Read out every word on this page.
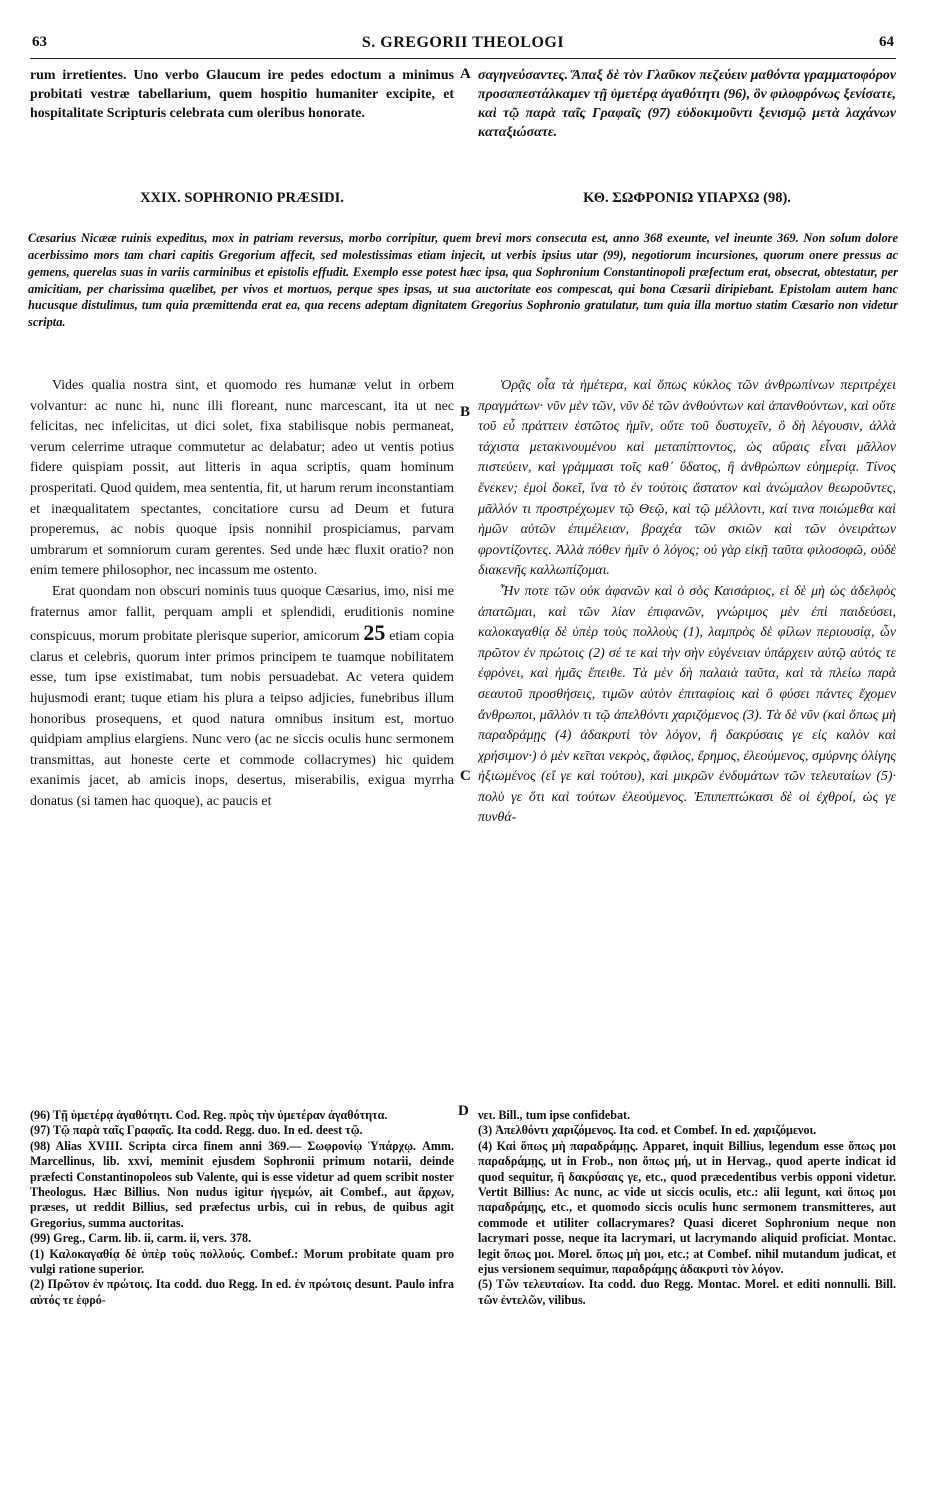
63	S. GREGORII THEOLOGI	64

rum irretientes. Uno verbo Glaucum ire pedes edoctum a minimus probitati vestræ tabellarium, quem hospitio humaniter excipite, et hospitalitate Scripturis celebrata cum oleribus honorate.

A σαγηνεύσαντες. Ἅπαξ δὲ τὸν Γλαῦκον πεζεύειν μαθόντα γραμματοφόρον προσαπεστάλκαμεν τῇ ὑμετέρᾳ ἀγαθότητι (96), ὃν φιλοφρόνως ξενίσατε, καὶ τῷ παρὰ ταῖς Γραφαῖς (97) εὐδοκιμοῦντι ξενισμῷ μετὰ λαχάνων καταξιώσατε.

XXIX. SOPHRONIO PRÆSIDI.	ΚΘ. ΣΩΦΡΟΝΙΩ ΥΠΑΡΧΩ (98).

Cæsarius Nicææ ruinis expeditus, mox in patriam reversus, morbo corripitur, quem brevi mors consecuta est, anno 368 exeunte, vel ineunte 369. Non solum dolore acerbissimo mors tam chari capitis Gregorium affecit, sed molestissimas etiam injecit, ut verbis ipsius utar (99), negotiorum incursiones, quorum onere pressus ac gemens, querelas suas in variis carminibus et epistolis effudit. Exemplo esse potest hæc ipsa, qua Sophronium Constantinopoli præfectum erat, obsecrat, obtestatur, per amicitiam, per charissima quælibet, per vivos et mortuos, perque spes ipsas, ut sua auctoritate eos compescat, qui bona Cæsarii diripiebant. Epistolam autem hanc hucusque distulimus, tum quia præmittenda erat ea, qua recens adeptam dignitatem Gregorius Sophronio gratulatur, tum quia illa mortuo statim Cæsario non videtur scripta.

Vides qualia nostra sint, et quomodo res humanæ velut in orbem volvantur: ac nunc hi, nunc illi floreant, nunc marcescant, ita ut nec felicitas, nec infelicitas, ut dici solet, fixa stabilisque nobis permaneat, verum celerrime utraque commutetur ac delabatur; adeo ut ventis potius fidere quispiam possit, aut litteris in aqua scriptis, quam hominum prosperitati. Quod quidem, mea sententia, fit, ut harum rerum inconstantiam et inæqualitatem spectantes, concitatiore cursu ad Deum et futura properemus, ac nobis quoque ipsis nonnihil prospiciamus, parvam umbrarum et somniorum curam gerentes. Sed unde hæc fluxit oratio? non enim temere philosophor, nec incassum me ostento.

Erat quondam non obscuri nominis tuus quoque Cæsarius, imo, nisi me fraternus amor fallit, perquam ampli et splendidi, eruditionis nomine conspicuus, morum probitate plerisque superior, amicorum 25 etiam copia clarus et celebris, quorum inter primos principem te tuamque nobilitatem esse, tum ipse existimabat, tum nobis persuadebat. Ac vetera quidem hujusmodi erant; tuque etiam his plura a teipso adjicies, funebribus illum honoribus prosequens, et quod natura omnibus insitum est, mortuo quidpiam amplius elargiens. Nunc vero (ac ne siccis oculis hunc sermonem transmittas, aut honeste certe et commode collacrymes) hic quidem exanimis jacet, ab amicis inops, desertus, miserabilis, exigua myrrha donatus (si tamen hac quoque), ac paucis et

B
C
D

Ὁρᾷς οἷα τὰ ἡμέτερα, καὶ ὅπως κύκλος τῶν ἀνθρωπίνων περιτρέχει πραγμάτων· νῦν μὲν τῶν, νῦν δὲ τῶν ἀνθούντων καὶ ἀπανθούντων, καὶ οὔτε τοῦ εὖ πράττειν ἑστῶτος ἡμῖν, οὔτε τοῦ δυστυχεῖν, ὃ δὴ λέγουσιν, ἀλλὰ τάχιστα μετακινουμένου καὶ μεταπίπτοντος, ὡς αὔραις εἶναι μᾶλλον πιστεύειν, καὶ γράμμασι τοῖς καθ᾽ ὕδατος, ἢ ἀνθρώπων εὐημερίᾳ. Τίνος ἕνεκεν; ἐμοὶ δοκεῖ, ἵνα τὸ ἐν τούτοις ἄστατον καὶ ἀνώμαλον θεωροῦντες, μᾶλλόν τι προστρέχωμεν τῷ Θεῷ, καὶ τῷ μέλλοντι, καί τινα ποιώμεθα καὶ ἡμῶν αὐτῶν ἐπιμέλειαν, βραχέα τῶν σκιῶν καὶ τῶν ὀνειράτων φροντίζοντες. Ἀλλὰ πόθεν ἡμῖν ὁ λόγος; οὐ γὰρ εἰκῇ ταῦτα φιλοσοφῶ, οὐδὲ διακενῆς καλλωπίζομαι.

Ἦν ποτε τῶν οὐκ ἀφανῶν καὶ ὁ σὸς Καισάριος, εἰ δὲ μὴ ὡς ἀδελφὸς ἀπατῶμαι, καὶ τῶν λίαν ἐπιφανῶν, γνώριμος μὲν ἐπὶ παιδεύσει, καλοκαγαθίᾳ δὲ ὑπὲρ τοὺς πολλοὺς (1), λαμπρὸς δὲ φίλων περιουσίᾳ, ὧν πρῶτον ἐν πρώτοις (2) σέ τε καὶ τὴν σὴν εὐγένειαν ὑπάρχειν αὐτῷ αὐτός τε ἐφρόνει, καὶ ἡμᾶς ἔπειθε. Τὰ μὲν δὴ παλαιὰ ταῦτα, καὶ τὰ πλείω παρὰ σεαυτοῦ προσθήσεις, τιμῶν αὐτὸν ἐπιταφίοις καὶ ὃ φύσει πάντες ἔχομεν ἄνθρωποι, μᾶλλόν τι τῷ ἀπελθόντι χαριζόμενος (3). Τὰ δὲ νῦν (καὶ ὅπως μὴ παραδράμῃς (4) ἀδακρυτὶ τὸν λόγον, ἢ δακρύσαις γε εἰς καλὸν καὶ χρήσιμον·) ὁ μὲν κεῖται νεκρὸς, ἄφιλος, ἔρημος, ἐλεούμενος, σμύρνης ὀλίγης ἠξιωμένος (εἴ γε καὶ τούτου), καὶ μικρῶν ἐνδυμάτων τῶν τελευταίων (5)· πολὺ γε ὅτι καὶ τούτων ἐλεούμενος. Ἐπιπεπτώκασι δὲ οἱ ἐχθροί, ὡς γε πυνθά-

(96) Τῇ ὑμετέρᾳ ἀγαθότητι. Cod. Reg. πρὸς τὴν ὑμετέραν ἀγαθότητα.

(97) Τῷ παρὰ ταῖς Γραφαῖς. Ita codd. Regg. duo. In ed. deest τῷ.

(98) Alias XVIII. Scripta circa finem anni 369.— Σωφρονίῳ Ὑπάρχῳ. Amm. Marcellinus, lib. xxvi, meminit ejusdem Sophronii primum notarii, deinde præfecti Constantinopoleos sub Valente, qui is esse videtur ad quem scribit noster Theologus. Hæc Billius. Non nudus igitur ἡγεμών, ait Combef., aut ἄρχων, præses, ut reddit Billius, sed præfectus urbis, cui in rebus, de quibus agit Gregorius, summa auctoritas.

(99) Greg., Carm. lib. ii, carm. ii, vers. 378.

(1) Καλοκαγαθίᾳ δὲ ὑπὲρ τοὺς πολλούς. Combef.: Morum probitate quam pro vulgi ratione superior.

(2) Πρῶτον ἐν πρώτοις. Ita codd. duo Regg. In ed. ἐν πρώτοις desunt. Paulo infra αὐτός τε ἐφρό-

νει. Bill., tum ipse confidebat.

(3) Ἀπελθόντι χαριζόμενος. Ita cod. et Combef. In ed. χαριζόμενοι.

(4) Καὶ ὅπως μὴ παραδράμῃς. Apparet, inquit Billius, legendum esse ὅπως μοι παραδράμῃς, ut in Frob., non ὅπως μή, ut in Hervag., quod aperte indicat id quod sequitur, ἢ δακρύσαις γε, etc., quod præcedentibus verbis opponi videtur. Vertit Billius: Ac nunc, ac vide ut siccis oculis, etc.: alii legunt, καὶ ὅπως μοι παραδράμῃς, etc., et quomodo siccis oculis hunc sermonem transmitteres, aut commode et utiliter collacrymares? Quasi diceret Sophronium neque non lacrymari posse, neque ita lacrymari, ut lacrymando aliquid proficiat. Montac. legit ὅπως μοι. Morel. ὅπως μὴ μοι, etc.; at Combef. nihil mutandum judicat, et ejus versionem sequimur, παραδράμῃς ἀδακρυτὶ τὸν λόγον.

(5) Τῶν τελευταίων. Ita codd. duo Regg. Montac. Morel. et editi nonnulli. Bill. τῶν ἐντελῶν, vilibus.
